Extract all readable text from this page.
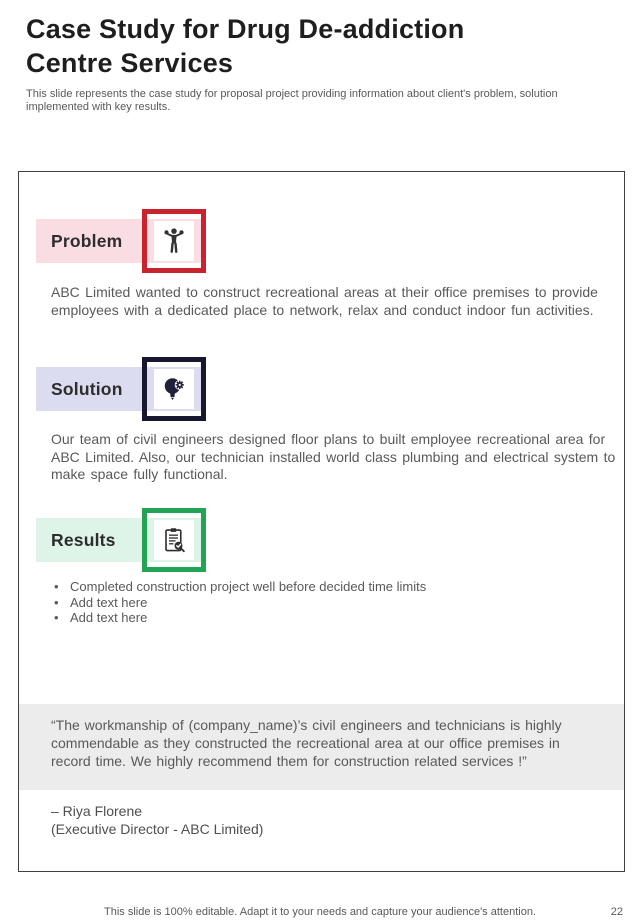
Case Study for Drug De-addiction Centre Services

This slide represents the case study for proposal project providing information about client's problem, solution implemented with key results.

Problem

ABC Limited wanted to construct recreational areas at their office premises to provide employees with a dedicated place to network, relax and conduct indoor fun activities.

Solution

Our team of civil engineers designed floor plans to built employee recreational area for ABC Limited. Also, our technician installed world class plumbing and electrical system to make space fully functional.

Results
• Completed construction project well before decided time limits
• Add text here
• Add text here

“The workmanship of (company_name)’s civil engineers and technicians is highly commendable as they constructed the recreational area at our office premises in record time. We highly recommend them for construction related services !”

– Riya Florene
(Executive Director - ABC Limited)
This slide is 100% editable. Adapt it to your needs and capture your audience's attention.	22
